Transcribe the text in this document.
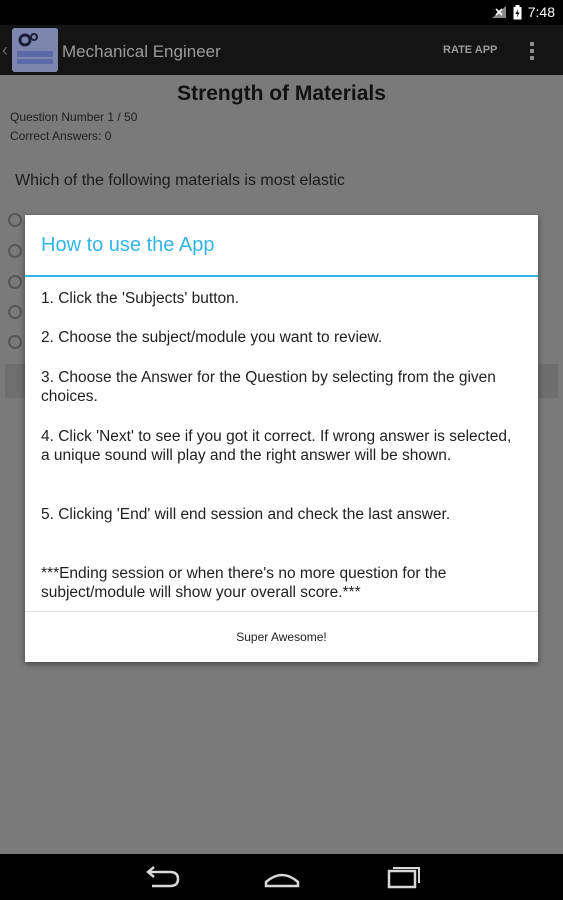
7:48
‹	Mechanical Engineer	RATE APP
Strength of Materials
Question Number 1 / 50
Correct Answers: 0
Which of the following materials is most elastic
How to use the App
1. Click the 'Subjects' button.
2. Choose the subject/module you want to review.
3. Choose the Answer for the Question by selecting from the given choices.
4. Click 'Next' to see if you got it correct. If wrong answer is selected, a unique sound will play and the right answer will be shown.
5. Clicking 'End' will end session and check the last answer.
***Ending session or when there's no more question for the subject/module will show your overall score.***
Super Awesome!
